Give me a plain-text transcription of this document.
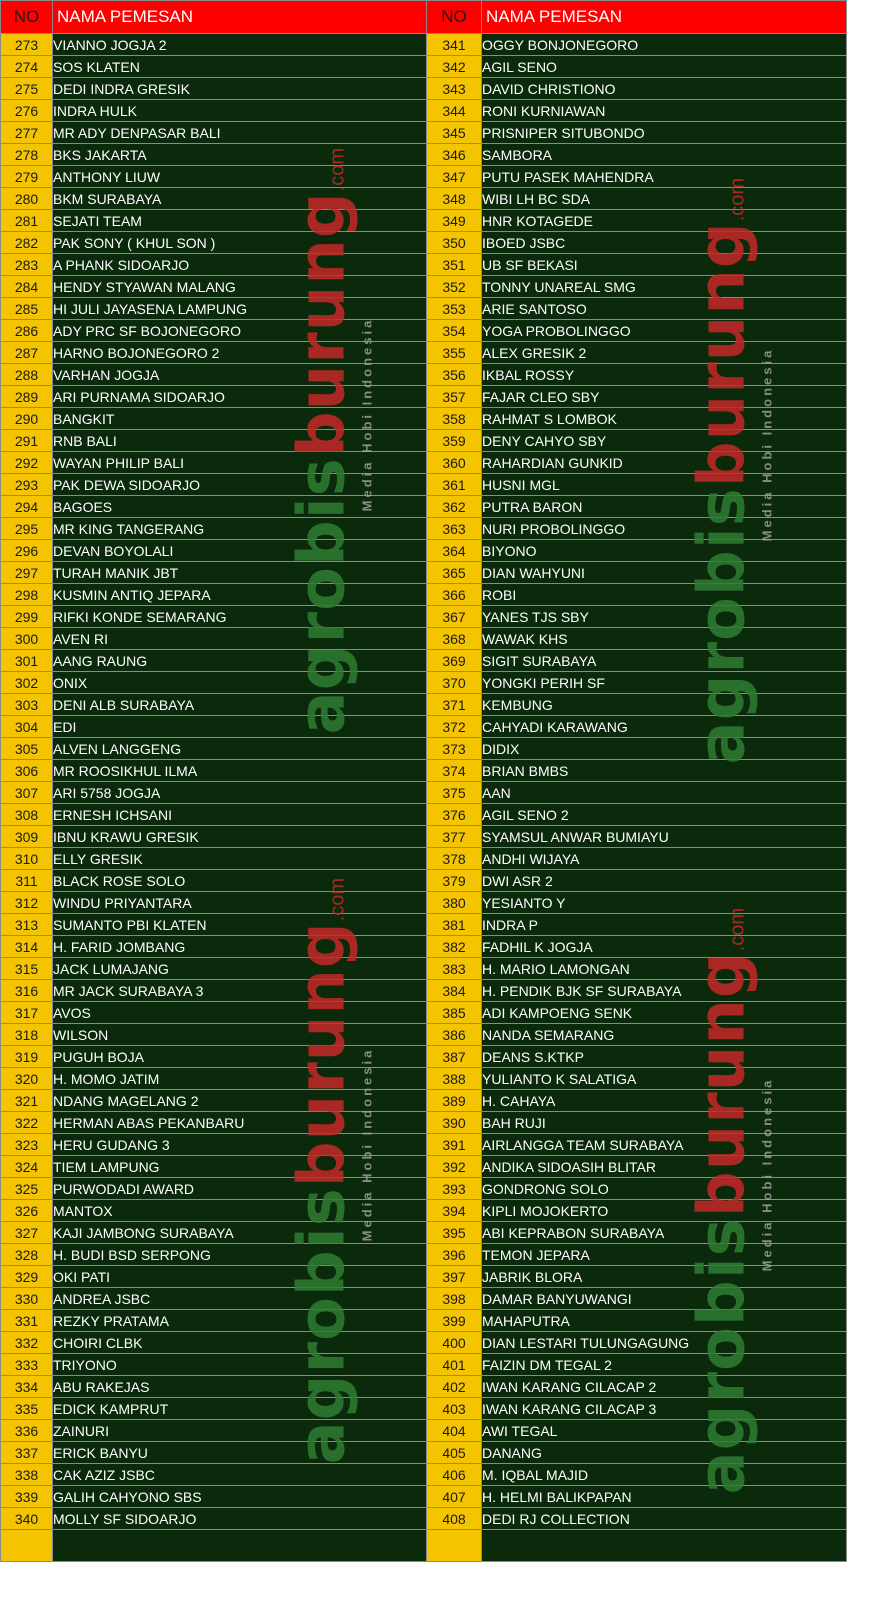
NO	NAMA PEMESAN
273	VIANNO JOGJA 2
274	SOS KLATEN
275	DEDI INDRA GRESIK
276	INDRA HULK
277	MR ADY DENPASAR BALI
278	BKS JAKARTA
279	ANTHONY LIUW
280	BKM SURABAYA
281	SEJATI TEAM
282	PAK SONY ( KHUL SON )
283	A PHANK SIDOARJO
284	HENDY STYAWAN MALANG
285	HI JULI JAYASENA LAMPUNG
286	ADY PRC SF BOJONEGORO
287	HARNO BOJONEGORO 2
288	VARHAN JOGJA
289	ARI PURNAMA SIDOARJO
290	BANGKIT
291	RNB BALI
292	WAYAN PHILIP BALI
293	PAK DEWA SIDOARJO
294	BAGOES
295	MR KING TANGERANG
296	DEVAN BOYOLALI
297	TURAH MANIK JBT
298	KUSMIN ANTIQ JEPARA
299	RIFKI KONDE SEMARANG
300	AVEN RI
301	AANG RAUNG
302	ONIX
303	DENI ALB SURABAYA
304	EDI
305	ALVEN LANGGENG
306	MR ROOSIKHUL ILMA
307	ARI 5758 JOGJA
308	ERNESH ICHSANI
309	IBNU KRAWU GRESIK
310	ELLY GRESIK
311	BLACK ROSE SOLO
312	WINDU PRIYANTARA
313	SUMANTO PBI KLATEN
314	H. FARID JOMBANG
315	JACK LUMAJANG
316	MR JACK SURABAYA 3
317	AVOS
318	WILSON
319	PUGUH BOJA
320	H. MOMO JATIM
321	NDANG MAGELANG 2
322	HERMAN ABAS PEKANBARU
323	HERU GUDANG 3
324	TIEM LAMPUNG
325	PURWODADI AWARD
326	MANTOX
327	KAJI JAMBONG SURABAYA
328	H. BUDI BSD SERPONG
329	OKI PATI
330	ANDREA JSBC
331	REZKY PRATAMA
332	CHOIRI CLBK
333	TRIYONO
334	ABU RAKEJAS
335	EDICK KAMPRUT
336	ZAINURI
337	ERICK BANYU
338	CAK AZIZ JSBC
339	GALIH CAHYONO SBS
340	MOLLY SF SIDOARJO

NO	NAMA PEMESAN
341	OGGY BONJONEGORO
342	AGIL SENO
343	DAVID CHRISTIONO
344	RONI KURNIAWAN
345	PRISNIPER SITUBONDO
346	SAMBORA
347	PUTU PASEK MAHENDRA
348	WIBI LH BC SDA
349	HNR KOTAGEDE
350	IBOED JSBC
351	UB SF BEKASI
352	TONNY UNAREAL SMG
353	ARIE SANTOSO
354	YOGA PROBOLINGGO
355	ALEX GRESIK 2
356	IKBAL ROSSY
357	FAJAR CLEO SBY
358	RAHMAT S LOMBOK
359	DENY CAHYO SBY
360	RAHARDIAN GUNKID
361	HUSNI MGL
362	PUTRA BARON
363	NURI PROBOLINGGO
364	BIYONO
365	DIAN WAHYUNI
366	ROBI
367	YANES TJS SBY
368	WAWAK KHS
369	SIGIT SURABAYA
370	YONGKI PERIH SF
371	KEMBUNG
372	CAHYADI KARAWANG
373	DIDIX
374	BRIAN BMBS
375	AAN
376	AGIL SENO 2
377	SYAMSUL ANWAR BUMIAYU
378	ANDHI WIJAYA
379	DWI ASR 2
380	YESIANTO Y
381	INDRA P
382	FADHIL K JOGJA
383	H. MARIO LAMONGAN
384	H. PENDIK BJK SF SURABAYA
385	ADI KAMPOENG SENK
386	NANDA SEMARANG
387	DEANS S.KTKP
388	YULIANTO K SALATIGA
389	H. CAHAYA
390	BAH RUJI
391	AIRLANGGA TEAM SURABAYA
392	ANDIKA SIDOASIH BLITAR
393	GONDRONG SOLO
394	KIPLI MOJOKERTO
395	ABI KEPRABON SURABAYA
396	TEMON JEPARA
397	JABRIK BLORA
398	DAMAR BANYUWANGI
399	MAHAPUTRA
400	DIAN LESTARI TULUNGAGUNG
401	FAIZIN DM TEGAL 2
402	IWAN KARANG CILACAP 2
403	IWAN KARANG CILACAP 3
404	AWI TEGAL
405	DANANG
406	M. IQBAL MAJID
407	H. HELMI BALIKPAPAN
408	DEDI RJ COLLECTION

agrobisburung.com
Media Hobi Indonesia
agrobisburung.com
Media Hobi Indonesia
agrobisburung.com
Media Hobi Indonesia
agrobisburung.com
Media Hobi Indonesia
